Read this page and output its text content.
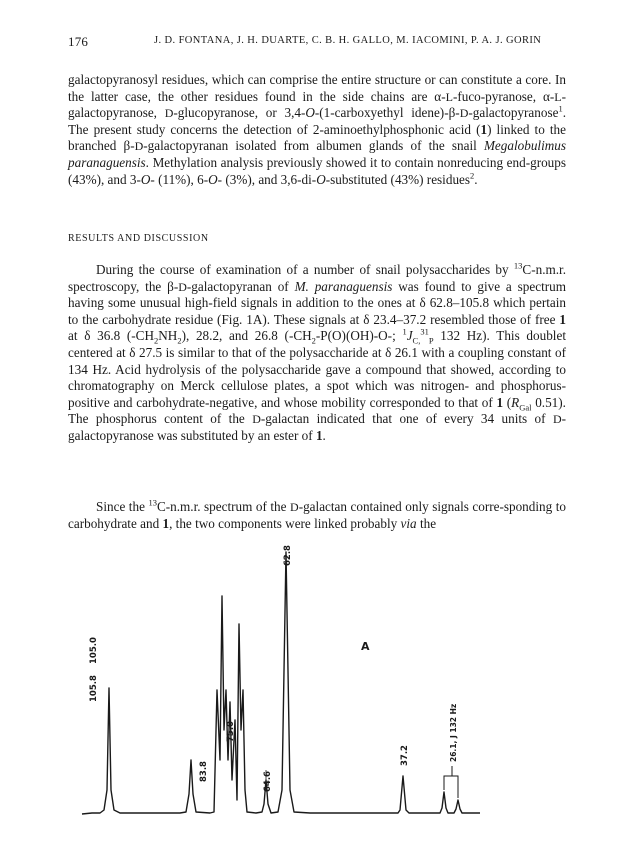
176	J. D. FONTANA, J. H. DUARTE, C. B. H. GALLO, M. IACOMINI, P. A. J. GORIN

galactopyranosyl residues, which can comprise the entire structure or can constitute a core. In the latter case, the other residues found in the side chains are α-L-fuco-pyranose, α-L-galactopyranose, D-glucopyranose, or 3,4-O-(1-carboxyethyl idene)-β-D-galactopyranose$^1$. The present study concerns the detection of 2-aminoethylphosphonic acid (1) linked to the branched β-D-galactopyranan isolated from albumen glands of the snail Megalobulimus paranaguensis. Methylation analysis previously showed it to contain nonreducing end-groups (43%), and 3-O- (11%), 6-O- (3%), and 3,6-di-O-substituted (43%) residues$^2$.

RESULTS AND DISCUSSION

During the course of examination of a number of snail polysaccharides by $^{13}$C-n.m.r. spectroscopy, the β-D-galactopyranan of M. paranaguensis was found to give a spectrum having some unusual high-field signals in addition to the ones at δ 62.8–105.8 which pertain to the carbohydrate residue (Fig. 1A). These signals at δ 23.4–37.2 resembled those of free 1 at δ 36.8 $(-CH_2NH_2)$, 28.2, and 26.8 ($-CH_2-P(O)(OH)-O-$; $^1J_{C,}^{31}_P$ 132 Hz). This doublet centered at δ 27.5 is similar to that of the polysaccharide at δ 26.1 with a coupling constant of 134 Hz. Acid hydrolysis of the polysaccharide gave a compound that showed, according to chromatography on Merck cellulose plates, a spot which was nitrogen- and phosphorus-positive and carbohydrate-negative, and whose mobility corresponded to that of 1 ($R_{Gal}$ 0.51). The phosphorus content of the D-galactan indicated that one of every 34 units of D-galactopyranose was substituted by an ester of 1.

Since the $^{13}$C-n.m.r. spectrum of the D-galactan contained only signals corre-sponding to carbohydrate and 1, the two components were linked probably via the

105.8
105.0
83.8
75.0
64.6
62.8
37.2	26.1, J 132 Hz
A
